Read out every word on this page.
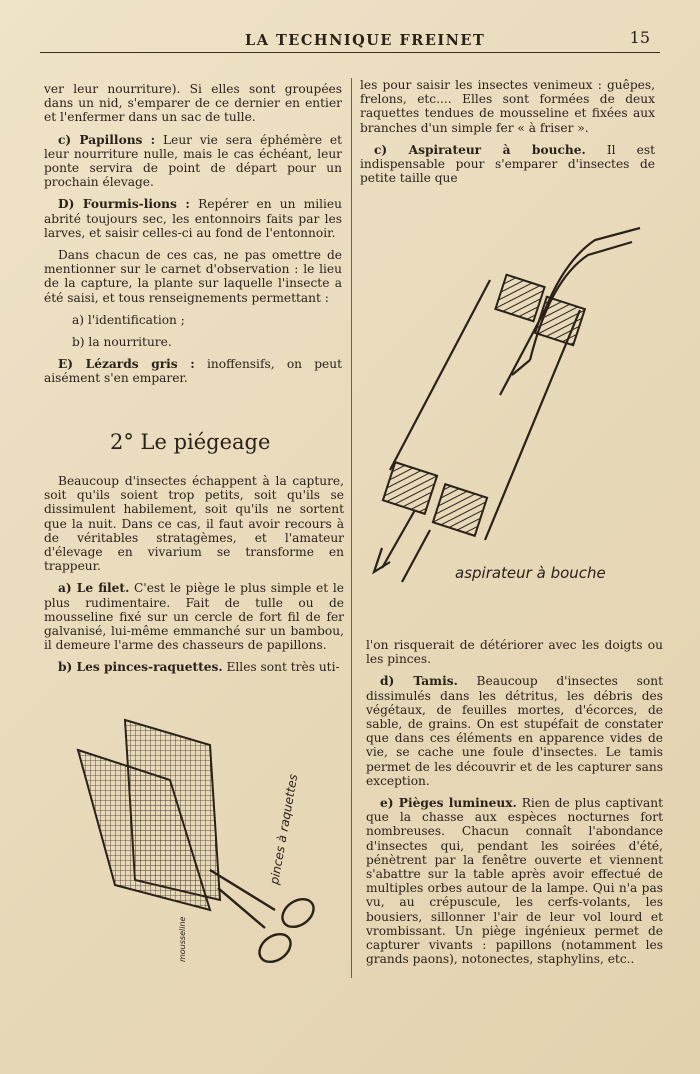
LA TECHNIQUE FREINET	15

ver leur nourriture). Si elles sont groupées dans un nid, s'emparer de ce dernier en entier et l'enfermer dans un sac de tulle.

c) Papillons : Leur vie sera éphémère et leur nourriture nulle, mais le cas échéant, leur ponte servira de point de départ pour un prochain élevage.

D) Fourmis-lions : Repérer en un milieu abrité toujours sec, les entonnoirs faits par les larves, et saisir celles-ci au fond de l'entonnoir.

Dans chacun de ces cas, ne pas omettre de mentionner sur le carnet d'observation : le lieu de la capture, la plante sur laquelle l'insecte a été saisi, et tous renseignements permettant :

a) l'identification ;

b) la nourriture.

E) Lézards gris : inoffensifs, on peut aisément s'en emparer.

2° Le piégeage

Beaucoup d'insectes échappent à la capture, soit qu'ils soient trop petits, soit qu'ils se dissimulent habilement, soit qu'ils ne sortent que la nuit. Dans ce cas, il faut avoir recours à de véritables stratagèmes, et l'amateur d'élevage en vivarium se transforme en trappeur.

a) Le filet. C'est le piège le plus simple et le plus rudimentaire. Fait de tulle ou de mousseline fixé sur un cercle de fort fil de fer galvanisé, lui-même emmanché sur un bambou, il demeure l'arme des chasseurs de papillons.

b) Les pinces-raquettes. Elles sont très uti-

les pour saisir les insectes venimeux : guêpes, frelons, etc.... Elles sont formées de deux raquettes tendues de mousseline et fixées aux branches d'un simple fer « à friser ».

c) Aspirateur à bouche. Il est indispensable pour s'emparer d'insectes de petite taille que

aspirateur à bouche

l'on risquerait de détériorer avec les doigts ou les pinces.

d) Tamis. Beaucoup d'insectes sont dissimulés dans les détritus, les débris des végétaux, de feuilles mortes, d'écorces, de sable, de grains. On est stupéfait de constater que dans ces éléments en apparence vides de vie, se cache une foule d'insectes. Le tamis permet de les découvrir et de les capturer sans exception.

e) Pièges lumineux. Rien de plus captivant que la chasse aux espèces nocturnes fort nombreuses. Chacun connaît l'abondance d'insectes qui, pendant les soirées d'été, pénètrent par la fenêtre ouverte et viennent s'abattre sur la table après avoir effectué de multiples orbes autour de la lampe. Qui n'a pas vu, au crépuscule, les cerfs-volants, les bousiers, sillonner l'air de leur vol lourd et vrombissant. Un piège ingénieux permet de capturer vivants : papillons (notamment les grands paons), notonectes, staphylins, etc..

pinces à raquettes
mousseline
